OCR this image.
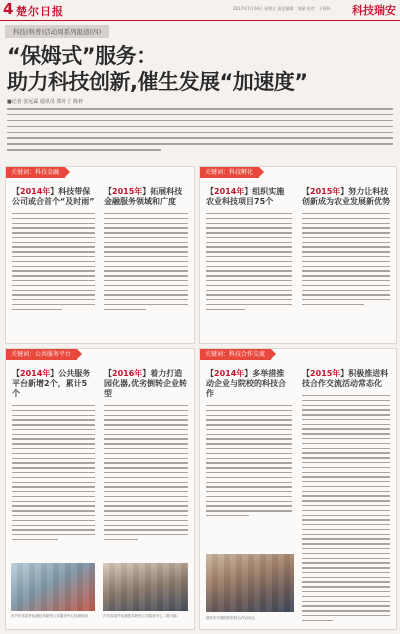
4 楚尔日报	2017年7月14日 星期五 责任编辑：刘丽 校对：于莉伟 科技瑞安
科技(科普)活动周系列报道(四)
“保姆式”服务：
助力科技创新,催生发展“加速度”
■记者 张远霖 通讯员 郑叶丁 陈梓
关键词：科技金融
【2014年】科技带保公司或合首个“及时雨”
【2015年】拓展科技金融服务领域和广度
关键词：科技孵化
【2014年】组织实施农业科技项目75个
【2015年】努力让科技创新成为农业发展新优势
关键词：公共服务平台
【2014年】公共服务平台新增2个，累计5个
【2016年】着力打造园化器,优劣倒转企业转型
市汽车零部件检测技术研发公共服务中心检测现场	汽车零部件检测技术研发公共服务中心（图为陈）
关键词：科技合作交流
【2014年】多举措推动企业与院校的科技合作
【2015年】积极推进科技合作交流活动常态化
瑞安市开展院校科技合作洽谈会
